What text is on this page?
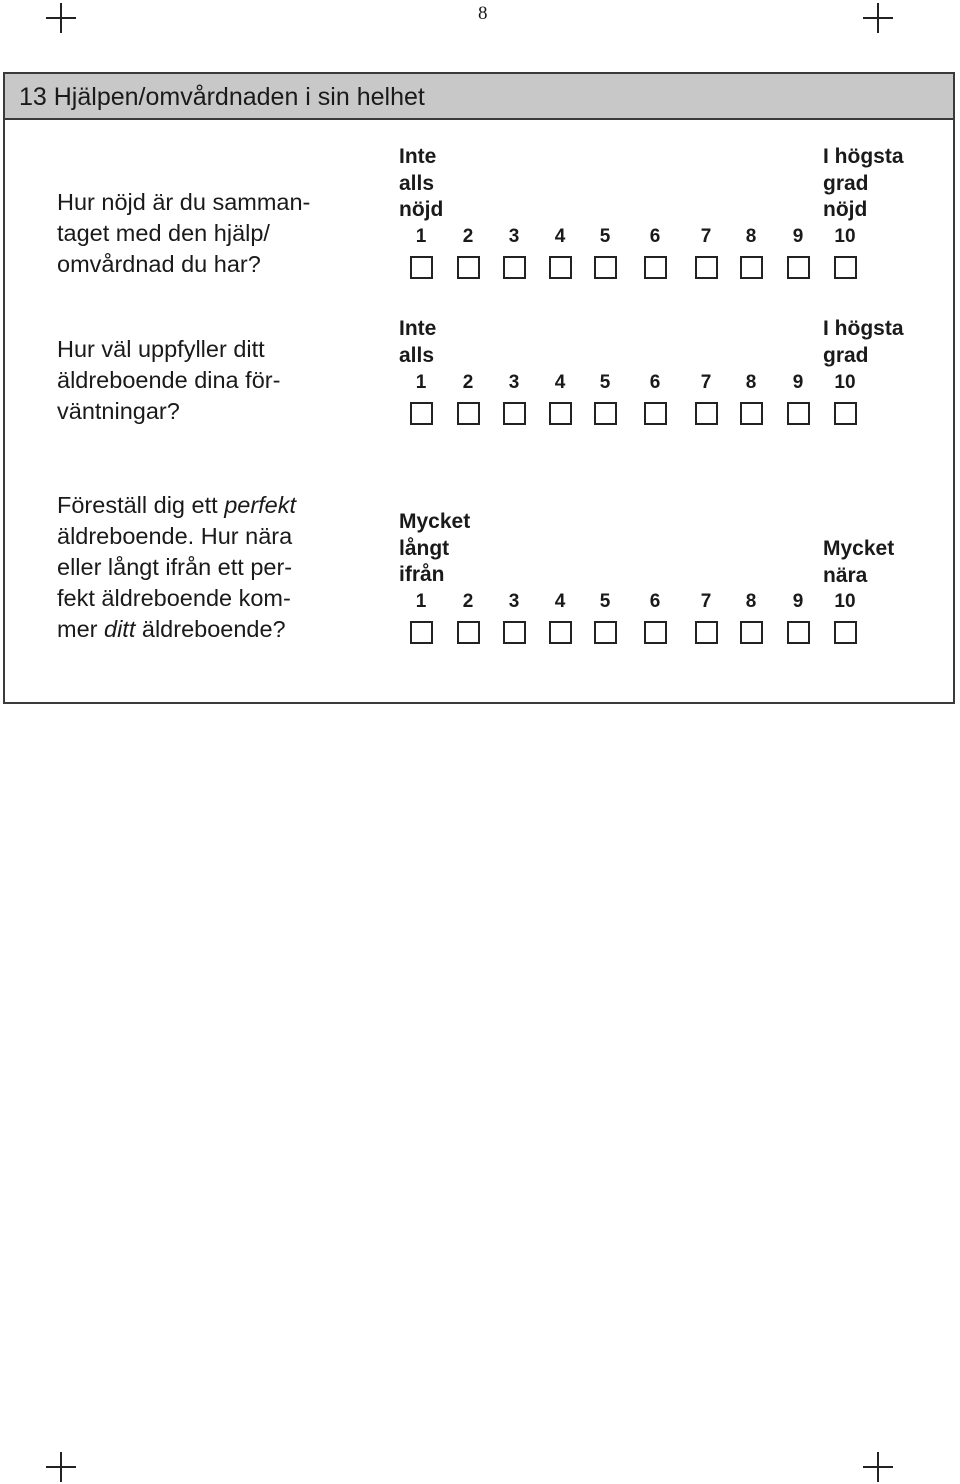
8
13 Hjälpen/omvårdnaden i sin helhet
Hur nöjd är du samman-
taget med den hjälp/
omvårdnad du har?
Inte
alls
nöjd
I högsta
grad
nöjd
1	2	3	4	5	6	7	8	9	10
Hur väl uppfyller ditt
äldreboende dina för-
väntningar?
Inte
alls
I högsta
grad
1	2	3	4	5	6	7	8	9	10
Föreställ dig ett perfekt
äldreboende. Hur nära
eller långt ifrån ett per-
fekt äldreboende kom-
mer ditt äldreboende?
Mycket
långt
ifrån
Mycket
nära
1	2	3	4	5	6	7	8	9	10
